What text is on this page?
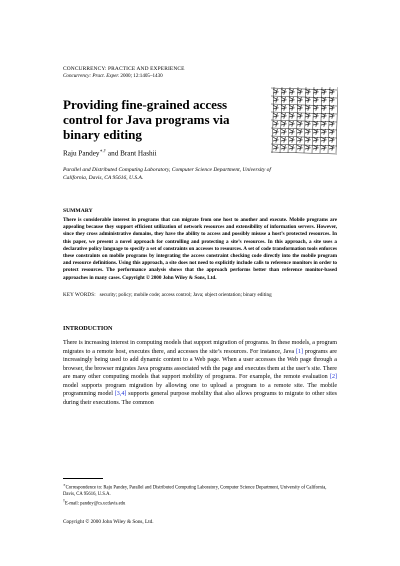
CONCURRENCY: PRACTICE AND EXPERIENCE
Concurrency: Pract. Exper. 2000; 12:1405–1430
Providing fine-grained access control for Java programs via binary editing
Raju Pandey∗,† and Brant Hashii
Parallel and Distributed Computing Laboratory, Computer Science Department, University of California, Davis, CA 95616, U.S.A.
SUMMARY
There is considerable interest in programs that can migrate from one host to another and execute. Mobile programs are appealing because they support efficient utilization of network resources and extensibility of information servers. However, since they cross administrative domains, they have the ability to access and possibly misuse a host’s protected resources. In this paper, we present a novel approach for controlling and protecting a site’s resources. In this approach, a site uses a declarative policy language to specify a set of constraints on accesses to resources. A set of code transformation tools enforces these constraints on mobile programs by integrating the access constraint checking code directly into the mobile program and resource definitions. Using this approach, a site does not need to explicitly include calls to reference monitors in order to protect resources. The performance analysis shows that the approach performs better than reference monitor-based approaches in many cases. Copyright © 2000 John Wiley & Sons, Ltd.
KEY WORDS: security; policy; mobile code; access control; Java; object orientation; binary editing
INTRODUCTION
There is increasing interest in computing models that support migration of programs. In these models, a program migrates to a remote host, executes there, and accesses the site’s resources. For instance, Java [1] programs are increasingly being used to add dynamic content to a Web page. When a user accesses the Web page through a browser, the browser migrates Java programs associated with the page and executes them at the user’s site. There are many other computing models that support mobility of programs. For example, the remote evaluation [2] model supports program migration by allowing one to upload a program to a remote site. The mobile programming model [3,4] supports general purpose mobility that also allows programs to migrate to other sites during their executions. The common

∗Correspondence to: Raju Pandey, Parallel and Distributed Computing Laboratory, Computer Science Department, University of California, Davis, CA 95616, U.S.A.

†E-mail: pandey@cs.ucdavis.edu

Copyright © 2000 John Wiley & Sons, Ltd.
